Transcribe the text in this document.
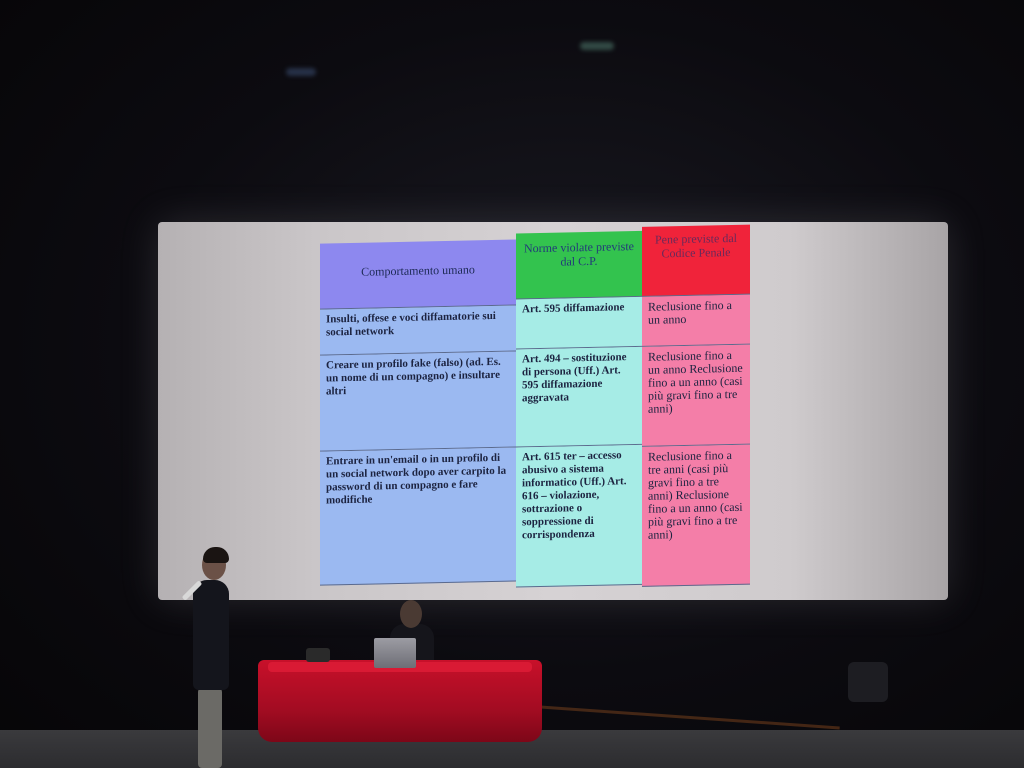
Comportamento umano
Insulti, offese e voci diffamatorie sui social network
Creare un profilo fake (falso) (ad. Es. un nome di un compagno) e insultare altri
Entrare in un'email o in un profilo di un social network dopo aver carpito la password di un compagno e fare modifiche
Norme violate previste dal C.P.
Art. 595 diffamazione
Art. 494 – sostituzione di persona (Uff.) Art. 595 diffamazione aggravata
Art. 615 ter – accesso abusivo a sistema informatico (Uff.) Art. 616 – violazione, sottrazione o soppressione di corrispondenza
Pene previste dal Codice Penale
Reclusione fino a un anno
Reclusione fino a un anno Reclusione fino a un anno (casi più gravi fino a tre anni)
Reclusione fino a tre anni (casi più gravi fino a tre anni) Reclusione fino a un anno (casi più gravi fino a tre anni)
